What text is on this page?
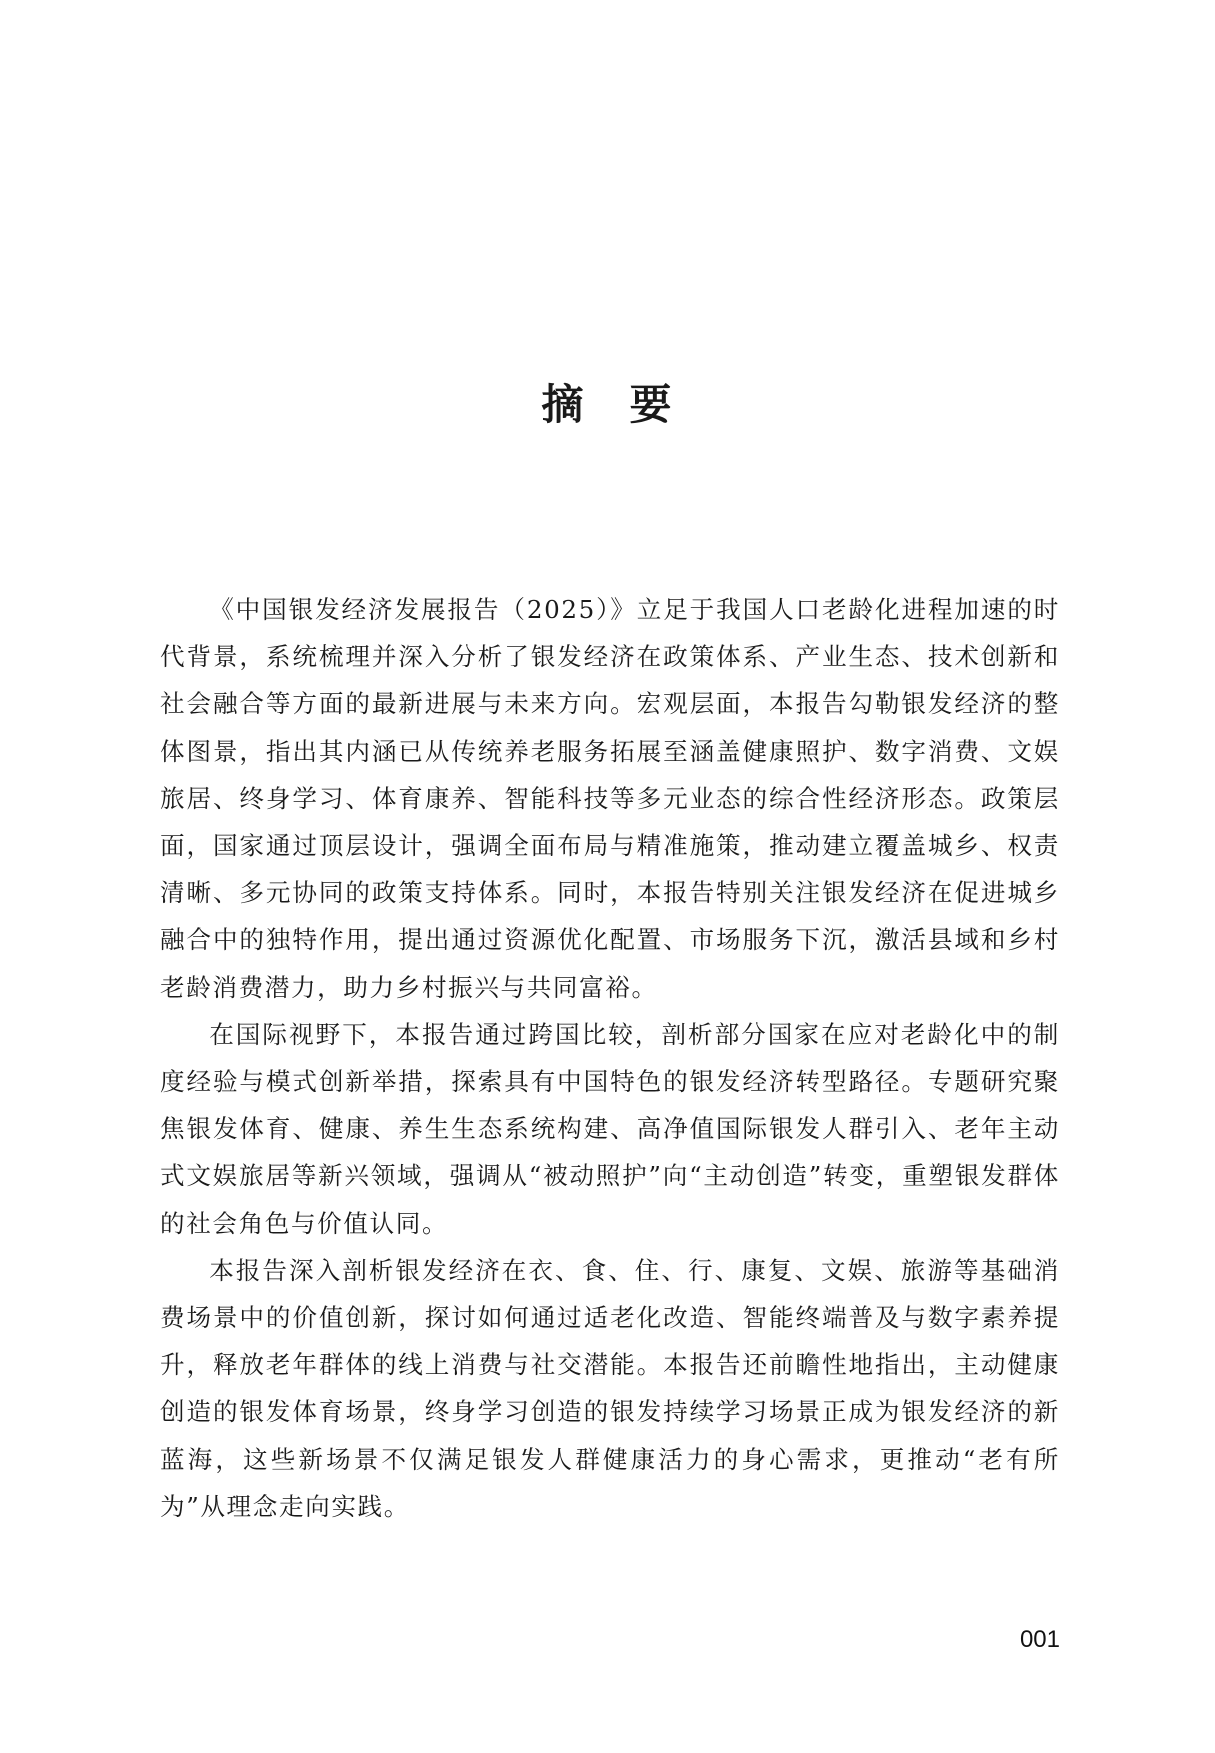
摘 要

《中国银发经济发展报告（2025）》立足于我国人口老龄化进程加速的时代背景，系统梳理并深入分析了银发经济在政策体系、产业生态、技术创新和社会融合等方面的最新进展与未来方向。宏观层面，本报告勾勒银发经济的整体图景，指出其内涵已从传统养老服务拓展至涵盖健康照护、数字消费、文娱旅居、终身学习、体育康养、智能科技等多元业态的综合性经济形态。政策层面，国家通过顶层设计，强调全面布局与精准施策，推动建立覆盖城乡、权责清晰、多元协同的政策支持体系。同时，本报告特别关注银发经济在促进城乡融合中的独特作用，提出通过资源优化配置、市场服务下沉，激活县域和乡村老龄消费潜力，助力乡村振兴与共同富裕。

在国际视野下，本报告通过跨国比较，剖析部分国家在应对老龄化中的制度经验与模式创新举措，探索具有中国特色的银发经济转型路径。专题研究聚焦银发体育、健康、养生生态系统构建、高净值国际银发人群引入、老年主动式文娱旅居等新兴领域，强调从“被动照护”向“主动创造”转变，重塑银发群体的社会角色与价值认同。

本报告深入剖析银发经济在衣、食、住、行、康复、文娱、旅游等基础消费场景中的价值创新，探讨如何通过适老化改造、智能终端普及与数字素养提升，释放老年群体的线上消费与社交潜能。本报告还前瞻性地指出，主动健康创造的银发体育场景，终身学习创造的银发持续学习场景正成为银发经济的新蓝海，这些新场景不仅满足银发人群健康活力的身心需求，更推动“老有所为”从理念走向实践。

001
